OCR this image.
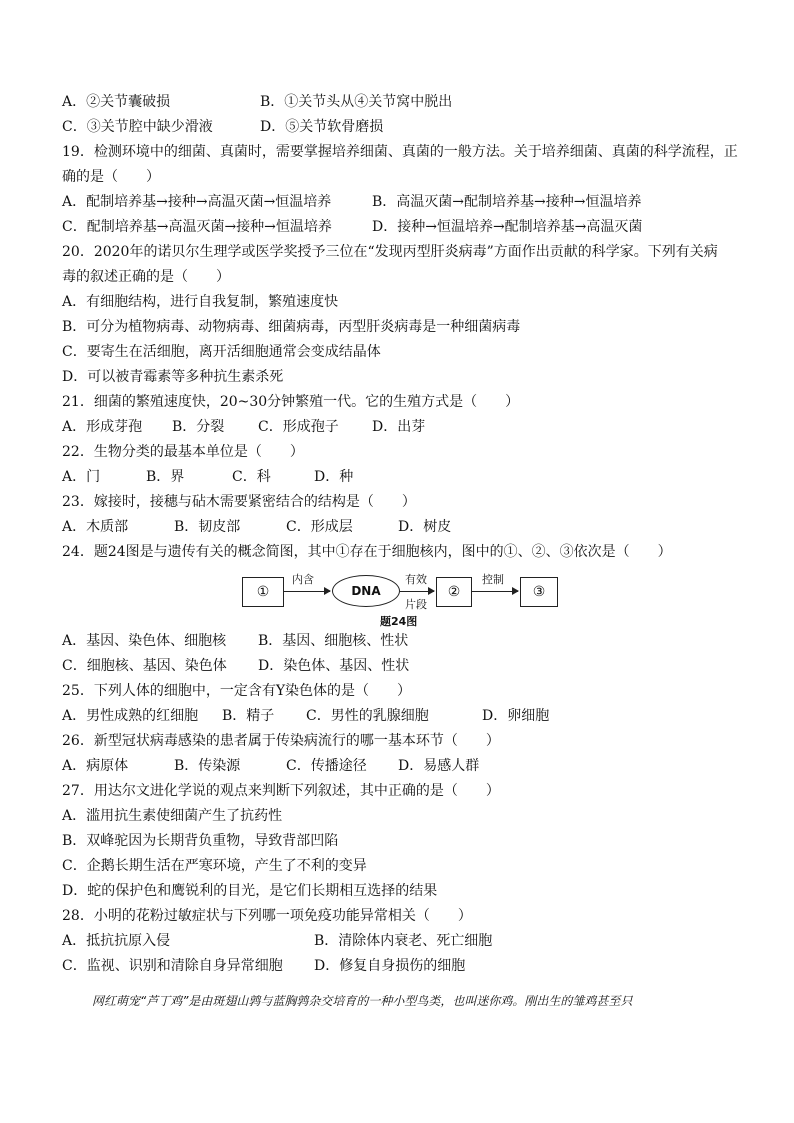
A．②关节囊破损	B．①关节头从④关节窝中脱出
C．③关节腔中缺少滑液	D．⑤关节软骨磨损
19．检测环境中的细菌、真菌时，需要掌握培养细菌、真菌的一般方法。关于培养细菌、真菌的科学流程，正
确的是（　　）
A．配制培养基→接种→高温灭菌→恒温培养	B．高温灭菌→配制培养基→接种→恒温培养
C．配制培养基→高温灭菌→接种→恒温培养	D．接种→恒温培养→配制培养基→高温灭菌
20．2020年的诺贝尔生理学或医学奖授予三位在“发现丙型肝炎病毒”方面作出贡献的科学家。下列有关病
毒的叙述正确的是（　　）
A．有细胞结构，进行自我复制，繁殖速度快
B．可分为植物病毒、动物病毒、细菌病毒，丙型肝炎病毒是一种细菌病毒
C．要寄生在活细胞，离开活细胞通常会变成结晶体
D．可以被青霉素等多种抗生素杀死
21．细菌的繁殖速度快，20~30分钟繁殖一代。它的生殖方式是（　　）
A．形成芽孢 B．分裂 C．形成孢子 D．出芽
22．生物分类的最基本单位是（　　）
A．门	B．界	C．科	D．种
23．嫁接时，接穗与砧木需要紧密结合的结构是（　　）
A．木质部	B．韧皮部	C．形成层	D．树皮
24．题24图是与遗传有关的概念简图，其中①存在于细胞核内，图中的①、②、③依次是（　　）
①
内含
DNA
有效
片段
②
控制
③
题24图
A．基因、染色体、细胞核 B．基因、细胞核、性状
C．细胞核、基因、染色体 D．染色体、基因、性状
25．下列人体的细胞中，一定含有Y染色体的是（　　）
A．男性成熟的红细胞 B．精子 C．男性的乳腺细胞	D．卵细胞
26．新型冠状病毒感染的患者属于传染病流行的哪一基本环节（　　）
A．病原体	B．传染源	C．传播途径 D．易感人群
27．用达尔文进化学说的观点来判断下列叙述，其中正确的是（　　）
A．滥用抗生素使细菌产生了抗药性
B．双峰驼因为长期背负重物，导致背部凹陷
C．企鹅长期生活在严寒环境，产生了不利的变异
D．蛇的保护色和鹰锐利的目光，是它们长期相互选择的结果
28．小明的花粉过敏症状与下列哪一项免疫功能异常相关（　　）
A．抵抗抗原入侵	B．清除体内衰老、死亡细胞
C．监视、识别和清除自身异常细胞 D．修复自身损伤的细胞
网红萌宠“芦丁鸡”是由斑翅山鹑与蓝胸鹑杂交培育的一种小型鸟类，也叫迷你鸡。刚出生的雏鸡甚至只
